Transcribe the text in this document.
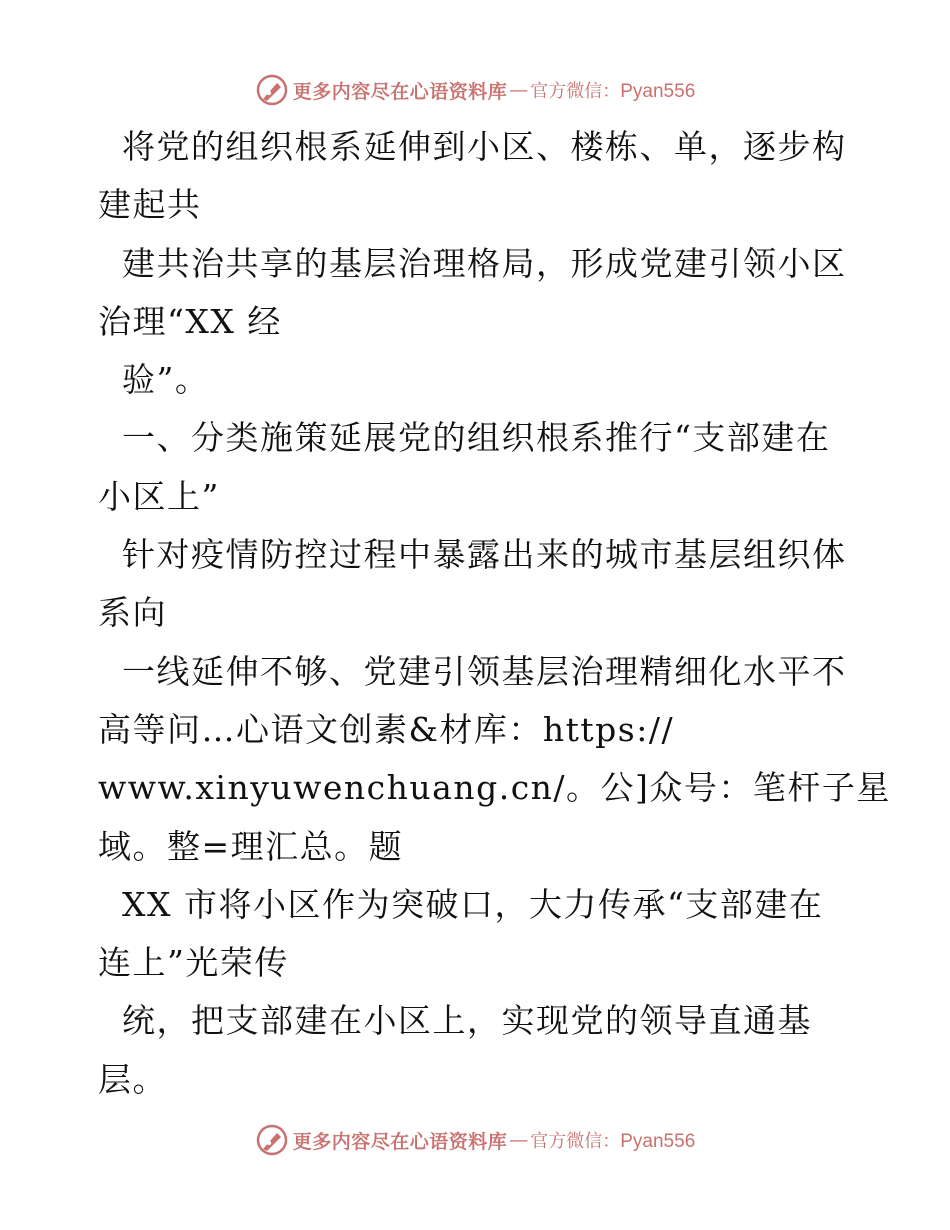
更多内容尽在心语资料库 — 官方微信：Pyan556
将党的组织根系延伸到小区、楼栋、单，逐步构
建起共
建共治共享的基层治理格局，形成党建引领小区
治理“XX 经
验”。
一、分类施策延展党的组织根系推行“支部建在
小区上”
针对疫情防控过程中暴露出来的城市基层组织体
系向
一线延伸不够、党建引领基层治理精细化水平不
高等问…心语文创素&材库：https://
www.xinyuwenchuang.cn/。公]众号：笔杆子星
域。整=理汇总。题
XX 市将小区作为突破口，大力传承“支部建在
连上”光荣传
统，把支部建在小区上，实现党的领导直通基
层。
更多内容尽在心语资料库 — 官方微信：Pyan556
